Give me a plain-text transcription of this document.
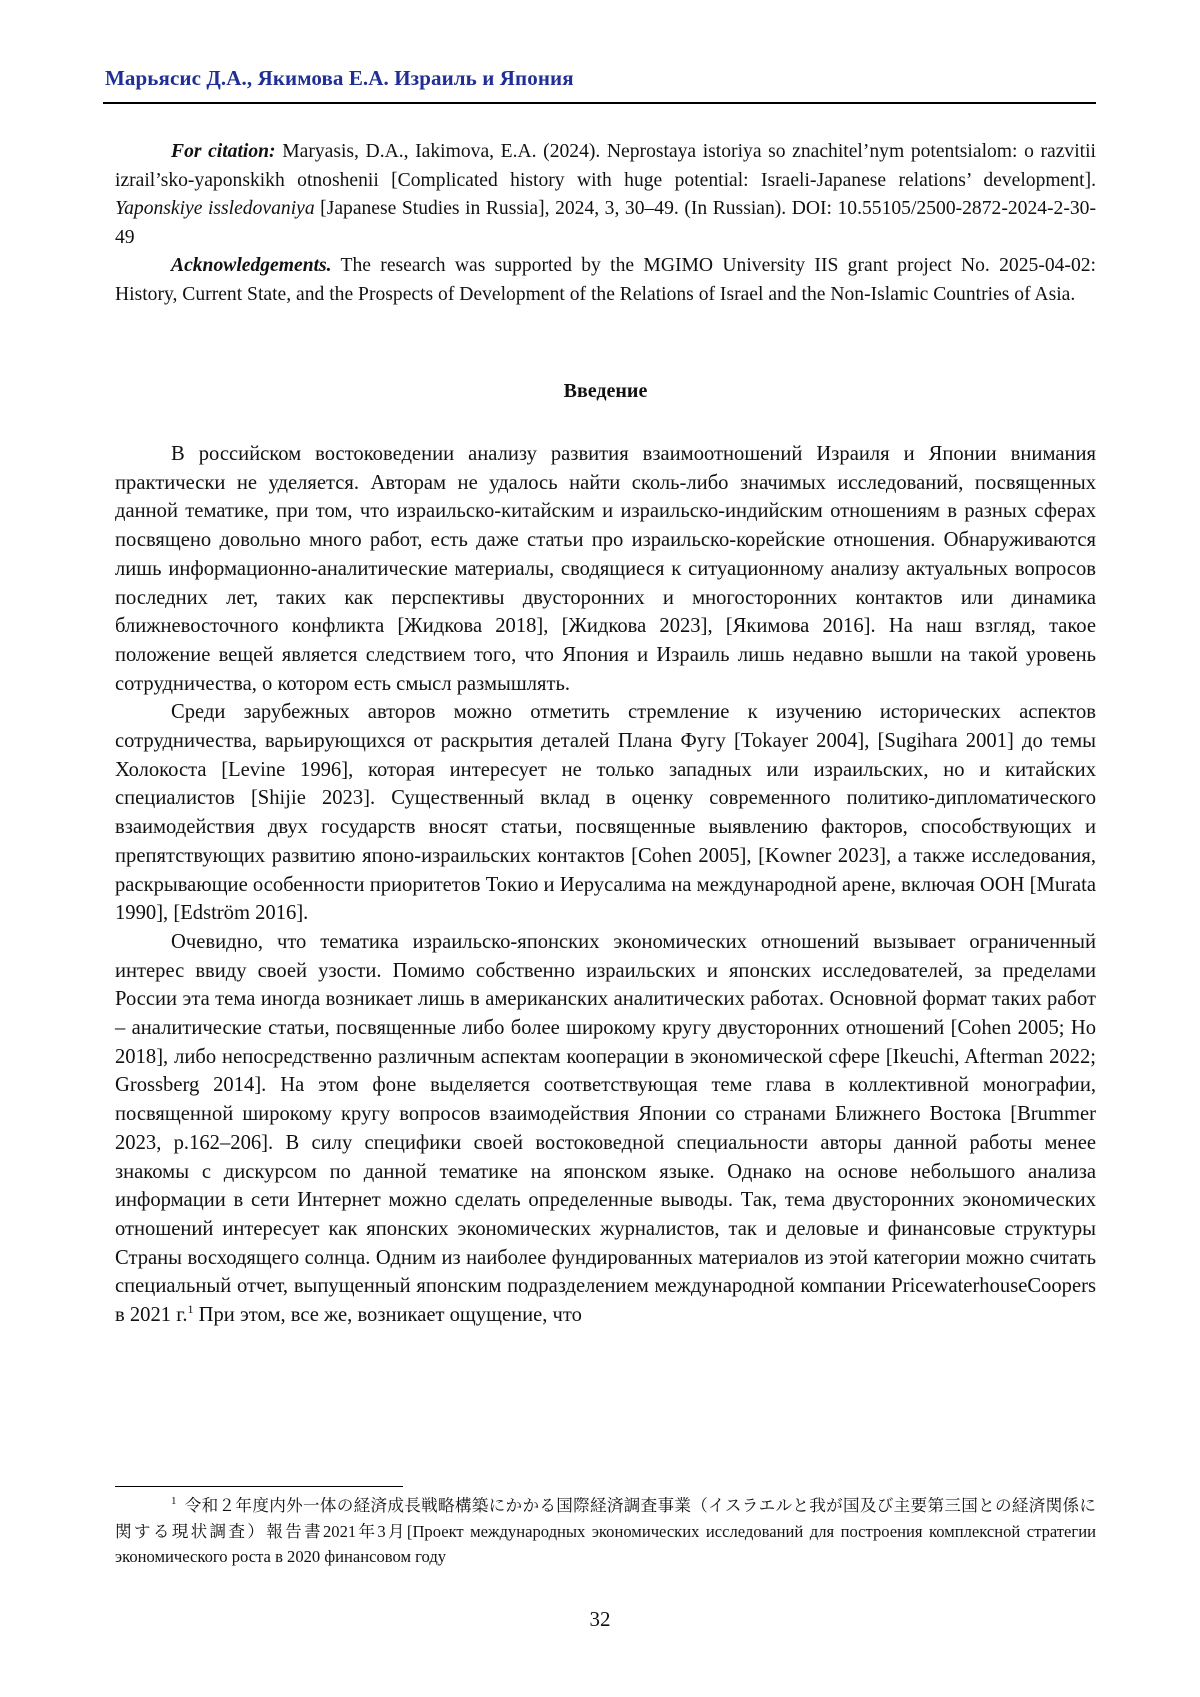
Марьясис Д.А., Якимова Е.А. Израиль и Япония

For citation: Maryasis, D.A., Iakimova, E.A. (2024). Neprostaya istoriya so znachitel’nym potentsialom: o razvitii izrail’sko-yaponskikh otnoshenii [Complicated history with huge potential: Israeli-Japanese relations’ development]. Yaponskiye issledovaniya [Japanese Studies in Russia], 2024, 3, 30–49. (In Russian). DOI: 10.55105/2500-2872-2024-2-30-49

Acknowledgements. The research was supported by the MGIMO University IIS grant project No. 2025-04-02: History, Current State, and the Prospects of Development of the Relations of Israel and the Non-Islamic Countries of Asia.

Введение

В российском востоковедении анализу развития взаимоотношений Израиля и Японии внимания практически не уделяется. Авторам не удалось найти сколь-либо значимых исследований, посвященных данной тематике, при том, что израильско-китайским и израильско-индийским отношениям в разных сферах посвящено довольно много работ, есть даже статьи про израильско-корейские отношения. Обнаруживаются лишь информационно-аналитические материалы, сводящиеся к ситуационному анализу актуальных вопросов последних лет, таких как перспективы двусторонних и многосторонних контактов или динамика ближневосточного конфликта [Жидкова 2018], [Жидкова 2023], [Якимова 2016]. На наш взгляд, такое положение вещей является следствием того, что Япония и Израиль лишь недавно вышли на такой уровень сотрудничества, о котором есть смысл размышлять.

Среди зарубежных авторов можно отметить стремление к изучению исторических аспектов сотрудничества, варьирующихся от раскрытия деталей Плана Фугу [Tokayer 2004], [Sugihara 2001] до темы Холокоста [Levine 1996], которая интересует не только западных или израильских, но и китайских специалистов [Shijie 2023]. Существенный вклад в оценку современного политико-дипломатического взаимодействия двух государств вносят статьи, посвященные выявлению факторов, способствующих и препятствующих развитию японо-израильских контактов [Cohen 2005], [Kowner 2023], а также исследования, раскрывающие особенности приоритетов Токио и Иерусалима на международной арене, включая ООН [Murata 1990], [Edström 2016].

Очевидно, что тематика израильско-японских экономических отношений вызывает ограниченный интерес ввиду своей узости. Помимо собственно израильских и японских исследователей, за пределами России эта тема иногда возникает лишь в американских аналитических работах. Основной формат таких работ – аналитические статьи, посвященные либо более широкому кругу двусторонних отношений [Cohen 2005; Ho 2018], либо непосредственно различным аспектам кооперации в экономической сфере [Ikeuchi, Afterman 2022; Grossberg 2014]. На этом фоне выделяется соответствующая теме глава в коллективной монографии, посвященной широкому кругу вопросов взаимодействия Японии со странами Ближнего Востока [Brummer 2023, p.162–206]. В силу специфики своей востоковедной специальности авторы данной работы менее знакомы с дискурсом по данной тематике на японском языке. Однако на основе небольшого анализа информации в сети Интернет можно сделать определенные выводы. Так, тема двусторонних экономических отношений интересует как японских экономических журналистов, так и деловые и финансовые структуры Страны восходящего солнца. Одним из наиболее фундированных материалов из этой категории можно считать специальный отчет, выпущенный японским подразделением международной компании PricewaterhouseCoopers в 2021 г.$^1$ При этом, все же, возникает ощущение, что

$^1$ 令和２年度内外一体の経済成長戦略構築にかかる国際経済調査事業（イスラエルと我が国及び主要第三国との経済関係に関する現状調査）報告書2021年3月[Проект международных экономических исследований для построения комплексной стратегии экономического роста в 2020 финансовом году
32
